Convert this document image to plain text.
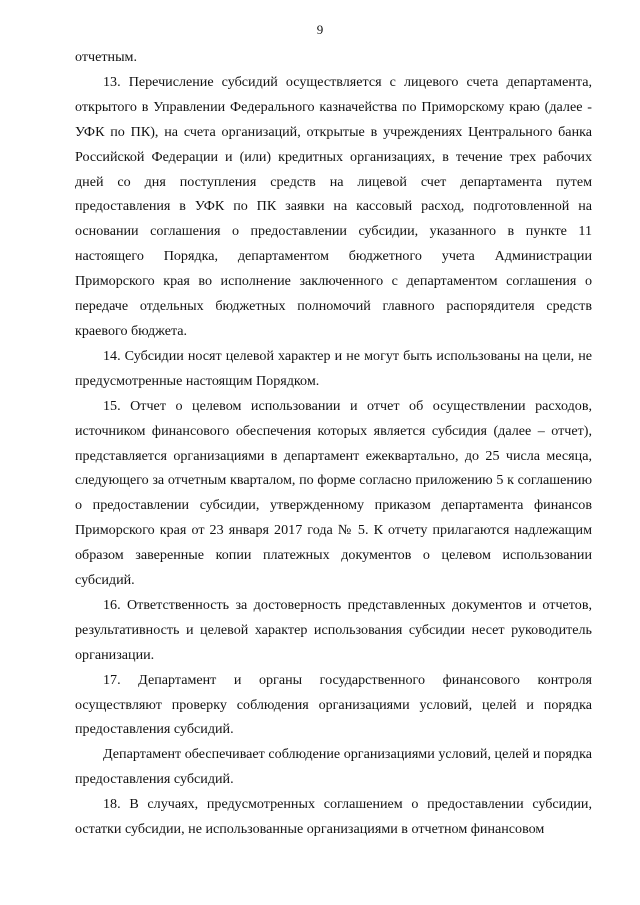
9

отчетным.

13. Перечисление субсидий осуществляется с лицевого счета департамента, открытого в Управлении Федерального казначейства по Приморскому краю (далее - УФК по ПК), на счета организаций, открытые в учреждениях Центрального банка Российской Федерации и (или) кредитных организациях, в течение трех рабочих дней со дня поступления средств на лицевой счет департамента путем предоставления в УФК по ПК заявки на кассовый расход, подготовленной на основании соглашения о предоставлении субсидии, указанного в пункте 11 настоящего Порядка, департаментом бюджетного учета Администрации Приморского края во исполнение заключенного с департаментом соглашения о передаче отдельных бюджетных полномочий главного распорядителя средств краевого бюджета.

14. Субсидии носят целевой характер и не могут быть использованы на цели, не предусмотренные настоящим Порядком.

15. Отчет о целевом использовании и отчет об осуществлении расходов, источником финансового обеспечения которых является субсидия (далее – отчет), представляется организациями в департамент ежеквартально, до 25 числа месяца, следующего за отчетным кварталом, по форме согласно приложению 5 к соглашению о предоставлении субсидии, утвержденному приказом департамента финансов Приморского края от 23 января 2017 года № 5. К отчету прилагаются надлежащим образом заверенные копии платежных документов о целевом использовании субсидий.

16. Ответственность за достоверность представленных документов и отчетов, результативность и целевой характер использования субсидии несет руководитель организации.

17. Департамент и органы государственного финансового контроля осуществляют проверку соблюдения организациями условий, целей и порядка предоставления субсидий.

Департамент обеспечивает соблюдение организациями условий, целей и порядка предоставления субсидий.

18. В случаях, предусмотренных соглашением о предоставлении субсидии, остатки субсидии, не использованные организациями в отчетном финансовом
